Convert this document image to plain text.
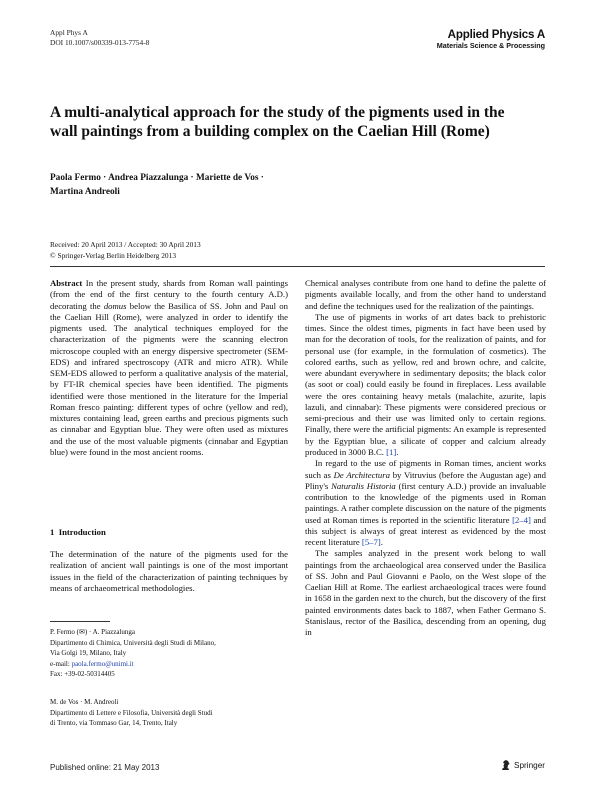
Appl Phys A
DOI 10.1007/s00339-013-7754-8
Applied Physics A
Materials Science & Processing
A multi-analytical approach for the study of the pigments used in the wall paintings from a building complex on the Caelian Hill (Rome)
Paola Fermo · Andrea Piazzalunga · Mariette de Vos ·
Martina Andreoli
Received: 20 April 2013 / Accepted: 30 April 2013
© Springer-Verlag Berlin Heidelberg 2013

Abstract In the present study, shards from Roman wall paintings (from the end of the first century to the fourth century A.D.) decorating the domus below the Basilica of SS. John and Paul on the Caelian Hill (Rome), were analyzed in order to identify the pigments used. The analytical techniques employed for the characterization of the pigments were the scanning electron microscope coupled with an energy dispersive spectrometer (SEM-EDS) and infrared spectroscopy (ATR and micro ATR). While SEM-EDS allowed to perform a qualitative analysis of the material, by FT-IR chemical species have been identified. The pigments identified were those mentioned in the literature for the Imperial Roman fresco painting: different types of ochre (yellow and red), mixtures containing lead, green earths and precious pigments such as cinnabar and Egyptian blue. They were often used as mixtures and the use of the most valuable pigments (cinnabar and Egyptian blue) were found in the most ancient rooms.

1 Introduction

The determination of the nature of the pigments used for the realization of ancient wall paintings is one of the most important issues in the field of the characterization of painting techniques by means of archaeometrical methodologies.

P. Fermo (✉) · A. Piazzalunga
Dipartimento di Chimica, Università degli Studi di Milano,
Via Golgi 19, Milano, Italy
e-mail: paola.fermo@unimi.it
Fax: +39-02-50314405
M. de Vos · M. Andreoli
Dipartimento di Lettere e Filosofia, Università degli Studi
di Trento, via Tommaso Gar, 14, Trento, Italy

Chemical analyses contribute from one hand to define the palette of pigments available locally, and from the other hand to understand and define the techniques used for the realization of the paintings.

The use of pigments in works of art dates back to prehistoric times. Since the oldest times, pigments in fact have been used by man for the decoration of tools, for the realization of paints, and for personal use (for example, in the formulation of cosmetics). The colored earths, such as yellow, red and brown ochre, and calcite, were abundant everywhere in sedimentary deposits; the black color (as soot or coal) could easily be found in fireplaces. Less available were the ores containing heavy metals (malachite, azurite, lapis lazuli, and cinnabar): These pigments were considered precious or semi-precious and their use was limited only to certain regions. Finally, there were the artificial pigments: An example is represented by the Egyptian blue, a silicate of copper and calcium already produced in 3000 B.C. [1].

In regard to the use of pigments in Roman times, ancient works such as De Architectura by Vitruvius (before the Augustan age) and Pliny's Naturalis Historia (first century A.D.) provide an invaluable contribution to the knowledge of the pigments used in Roman paintings. A rather complete discussion on the nature of the pigments used at Roman times is reported in the scientific literature [2–4] and this subject is always of great interest as evidenced by the most recent literature [5–7].

The samples analyzed in the present work belong to wall paintings from the archaeological area conserved under the Basilica of SS. John and Paul Giovanni e Paolo, on the West slope of the Caelian Hill at Rome. The earliest archaeological traces were found in 1658 in the garden next to the church, but the discovery of the first painted environments dates back to 1887, when Father Germano S. Stanislaus, rector of the Basilica, descending from an opening, dug in

Published online: 21 May 2013	Springer
